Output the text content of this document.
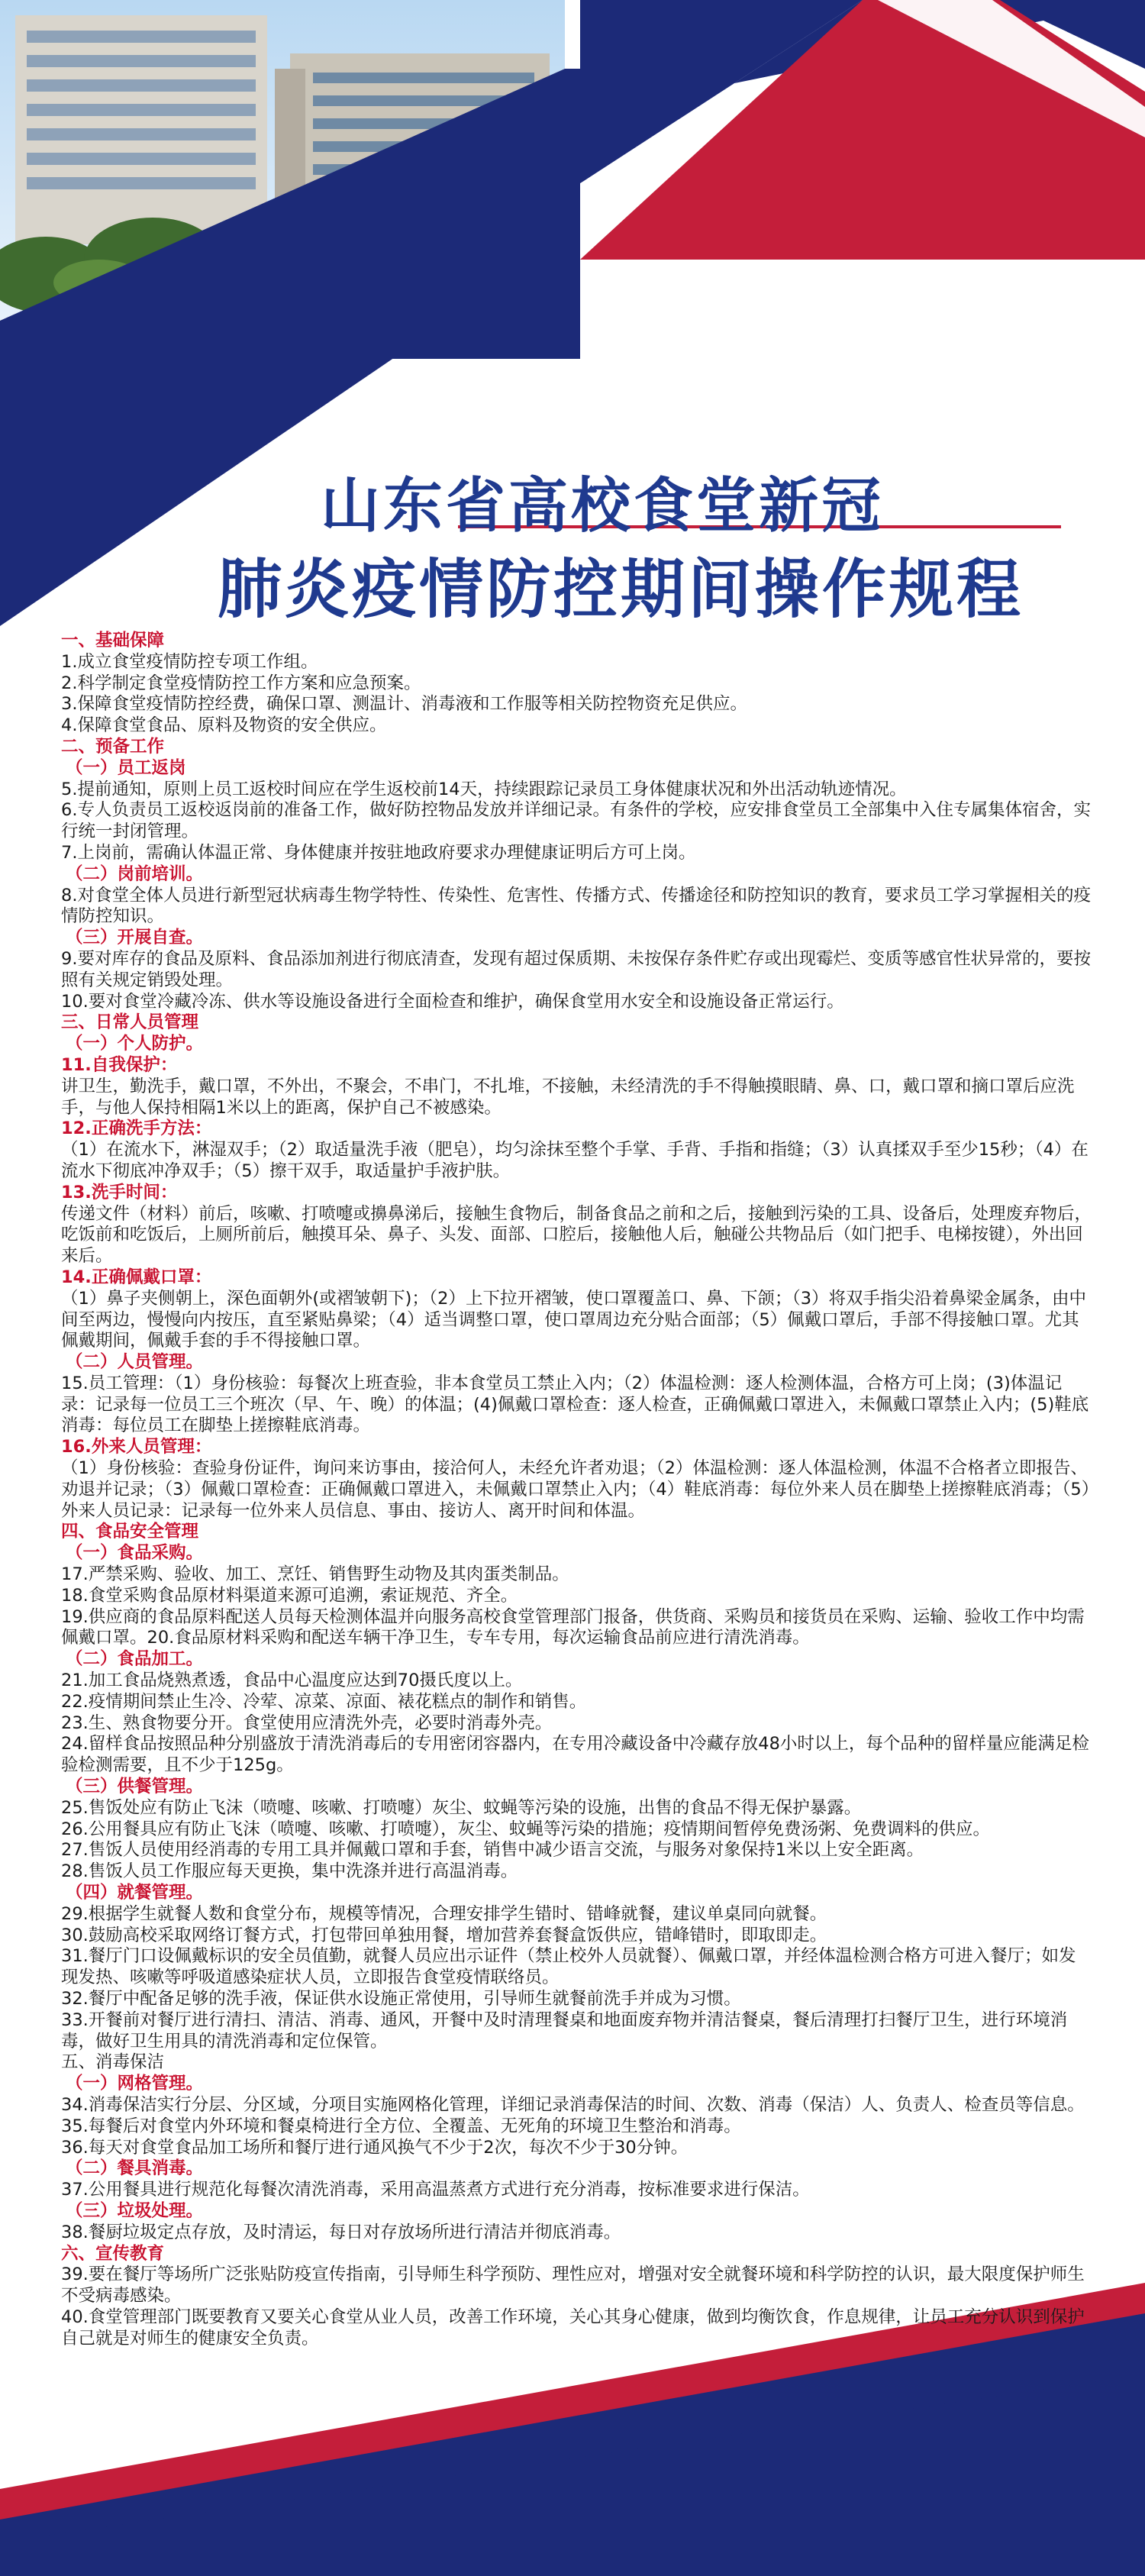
山东省高校食堂新冠
肺炎疫情防控期间操作规程
一、基础保障
1.成立食堂疫情防控专项工作组。
2.科学制定食堂疫情防控工作方案和应急预案。
3.保障食堂疫情防控经费，确保口罩、测温计、消毒液和工作服等相关防控物资充足供应。
4.保障食堂食品、原料及物资的安全供应。
二、预备工作
（一）员工返岗
5.提前通知，原则上员工返校时间应在学生返校前14天，持续跟踪记录员工身体健康状况和外出活动轨迹情况。
6.专人负责员工返校返岗前的准备工作，做好防控物品发放并详细记录。有条件的学校，应安排食堂员工全部集中入住专属集体宿舍，实行统一封闭管理。
7.上岗前，需确认体温正常、身体健康并按驻地政府要求办理健康证明后方可上岗。
（二）岗前培训。
8.对食堂全体人员进行新型冠状病毒生物学特性、传染性、危害性、传播方式、传播途径和防控知识的教育，要求员工学习掌握相关的疫情防控知识。
（三）开展自查。
9.要对库存的食品及原料、食品添加剂进行彻底清查，发现有超过保质期、未按保存条件贮存或出现霉烂、变质等感官性状异常的，要按照有关规定销毁处理。
10.要对食堂冷藏冷冻、供水等设施设备进行全面检查和维护，确保食堂用水安全和设施设备正常运行。
三、日常人员管理
（一）个人防护。
11.自我保护：
讲卫生，勤洗手，戴口罩，不外出，不聚会，不串门，不扎堆，不接触，未经清洗的手不得触摸眼睛、鼻、口，戴口罩和摘口罩后应洗手，与他人保持相隔1米以上的距离，保护自己不被感染。
12.正确洗手方法：
（1）在流水下，淋湿双手；（2）取适量洗手液（肥皂），均匀涂抹至整个手掌、手背、手指和指缝；（3）认真揉双手至少15秒；（4）在流水下彻底冲净双手；（5）擦干双手，取适量护手液护肤。
13.洗手时间：
传递文件（材料）前后，咳嗽、打喷嚏或擤鼻涕后，接触生食物后，制备食品之前和之后，接触到污染的工具、设备后，处理废弃物后，吃饭前和吃饭后，上厕所前后，触摸耳朵、鼻子、头发、面部、口腔后，接触他人后，触碰公共物品后（如门把手、电梯按键），外出回来后。
14.正确佩戴口罩：
（1）鼻子夹侧朝上，深色面朝外(或褶皱朝下)；（2）上下拉开褶皱，使口罩覆盖口、鼻、下颌；（3）将双手指尖沿着鼻梁金属条，由中间至两边，慢慢向内按压，直至紧贴鼻梁；（4）适当调整口罩，使口罩周边充分贴合面部；（5）佩戴口罩后，手部不得接触口罩。尤其佩戴期间，佩戴手套的手不得接触口罩。
（二）人员管理。
15.员工管理：（1）身份核验：每餐次上班查验，非本食堂员工禁止入内；（2）体温检测：逐人检测体温，合格方可上岗；(3)体温记录：记录每一位员工三个班次（早、午、晚）的体温；(4)佩戴口罩检查：逐人检查，正确佩戴口罩进入，未佩戴口罩禁止入内；(5)鞋底消毒：每位员工在脚垫上搓擦鞋底消毒。
16.外来人员管理：
（1）身份核验：查验身份证件，询问来访事由，接洽何人，未经允许者劝退；（2）体温检测：逐人体温检测，体温不合格者立即报告、劝退并记录；（3）佩戴口罩检查：正确佩戴口罩进入，未佩戴口罩禁止入内；（4）鞋底消毒：每位外来人员在脚垫上搓擦鞋底消毒；（5）外来人员记录：记录每一位外来人员信息、事由、接访人、离开时间和体温。
四、食品安全管理
（一）食品采购。
17.严禁采购、验收、加工、烹饪、销售野生动物及其肉蛋类制品。
18.食堂采购食品原材料渠道来源可追溯，索证规范、齐全。
19.供应商的食品原料配送人员每天检测体温并向服务高校食堂管理部门报备，供货商、采购员和接货员在采购、运输、验收工作中均需佩戴口罩。20.食品原材料采购和配送车辆干净卫生，专车专用，每次运输食品前应进行清洗消毒。
（二）食品加工。
21.加工食品烧熟煮透，食品中心温度应达到70摄氏度以上。
22.疫情期间禁止生冷、冷荤、凉菜、凉面、裱花糕点的制作和销售。
23.生、熟食物要分开。食堂使用应清洗外壳，必要时消毒外壳。
24.留样食品按照品种分别盛放于清洗消毒后的专用密闭容器内，在专用冷藏设备中冷藏存放48小时以上，每个品种的留样量应能满足检验检测需要，且不少于125g。
（三）供餐管理。
25.售饭处应有防止飞沫（喷嚏、咳嗽、打喷嚏）灰尘、蚊蝇等污染的设施，出售的食品不得无保护暴露。
26.公用餐具应有防止飞沫（喷嚏、咳嗽、打喷嚏），灰尘、蚊蝇等污染的措施；疫情期间暂停免费汤粥、免费调料的供应。
27.售饭人员使用经消毒的专用工具并佩戴口罩和手套，销售中减少语言交流，与服务对象保持1米以上安全距离。
28.售饭人员工作服应每天更换，集中洗涤并进行高温消毒。
（四）就餐管理。
29.根据学生就餐人数和食堂分布，规模等情况，合理安排学生错时、错峰就餐，建议单桌同向就餐。
30.鼓励高校采取网络订餐方式，打包带回单独用餐，增加营养套餐盒饭供应，错峰错时，即取即走。
31.餐厅门口设佩戴标识的安全员值勤，就餐人员应出示证件（禁止校外人员就餐）、佩戴口罩，并经体温检测合格方可进入餐厅；如发现发热、咳嗽等呼吸道感染症状人员，立即报告食堂疫情联络员。
32.餐厅中配备足够的洗手液，保证供水设施正常使用，引导师生就餐前洗手并成为习惯。
33.开餐前对餐厅进行清扫、清洁、消毒、通风，开餐中及时清理餐桌和地面废弃物并清洁餐桌，餐后清理打扫餐厅卫生，进行环境消毒，做好卫生用具的清洗消毒和定位保管。
五、消毒保洁
（一）网格管理。
34.消毒保洁实行分层、分区域，分项目实施网格化管理，详细记录消毒保洁的时间、次数、消毒（保洁）人、负责人、检查员等信息。
35.每餐后对食堂内外环境和餐桌椅进行全方位、全覆盖、无死角的环境卫生整治和消毒。
36.每天对食堂食品加工场所和餐厅进行通风换气不少于2次，每次不少于30分钟。
（二）餐具消毒。
37.公用餐具进行规范化每餐次清洗消毒，采用高温蒸煮方式进行充分消毒，按标准要求进行保洁。
（三）垃圾处理。
38.餐厨垃圾定点存放，及时清运，每日对存放场所进行清洁并彻底消毒。
六、宣传教育
39.要在餐厅等场所广泛张贴防疫宣传指南，引导师生科学预防、理性应对，增强对安全就餐环境和科学防控的认识，最大限度保护师生不受病毒感染。
40.食堂管理部门既要教育又要关心食堂从业人员，改善工作环境，关心其身心健康，做到均衡饮食，作息规律，让员工充分认识到保护自己就是对师生的健康安全负责。
